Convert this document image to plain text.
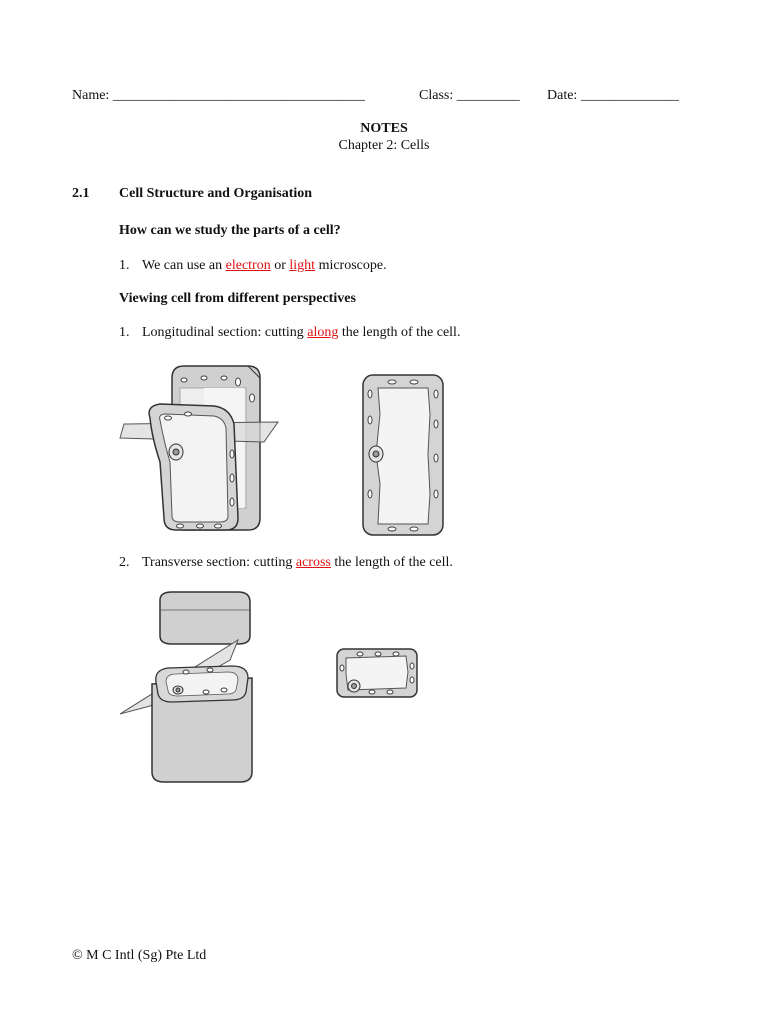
Name: ____________________________________	Class: _________ Date: ______________
NOTES
Chapter 2: Cells
2.1 Cell Structure and Organisation
How can we study the parts of a cell?
1. We can use an electron or light microscope.
Viewing cell from different perspectives
1. Longitudinal section: cutting along the length of the cell.
2. Transverse section: cutting across the length of the cell.
© M C Intl (Sg) Pte Ltd
